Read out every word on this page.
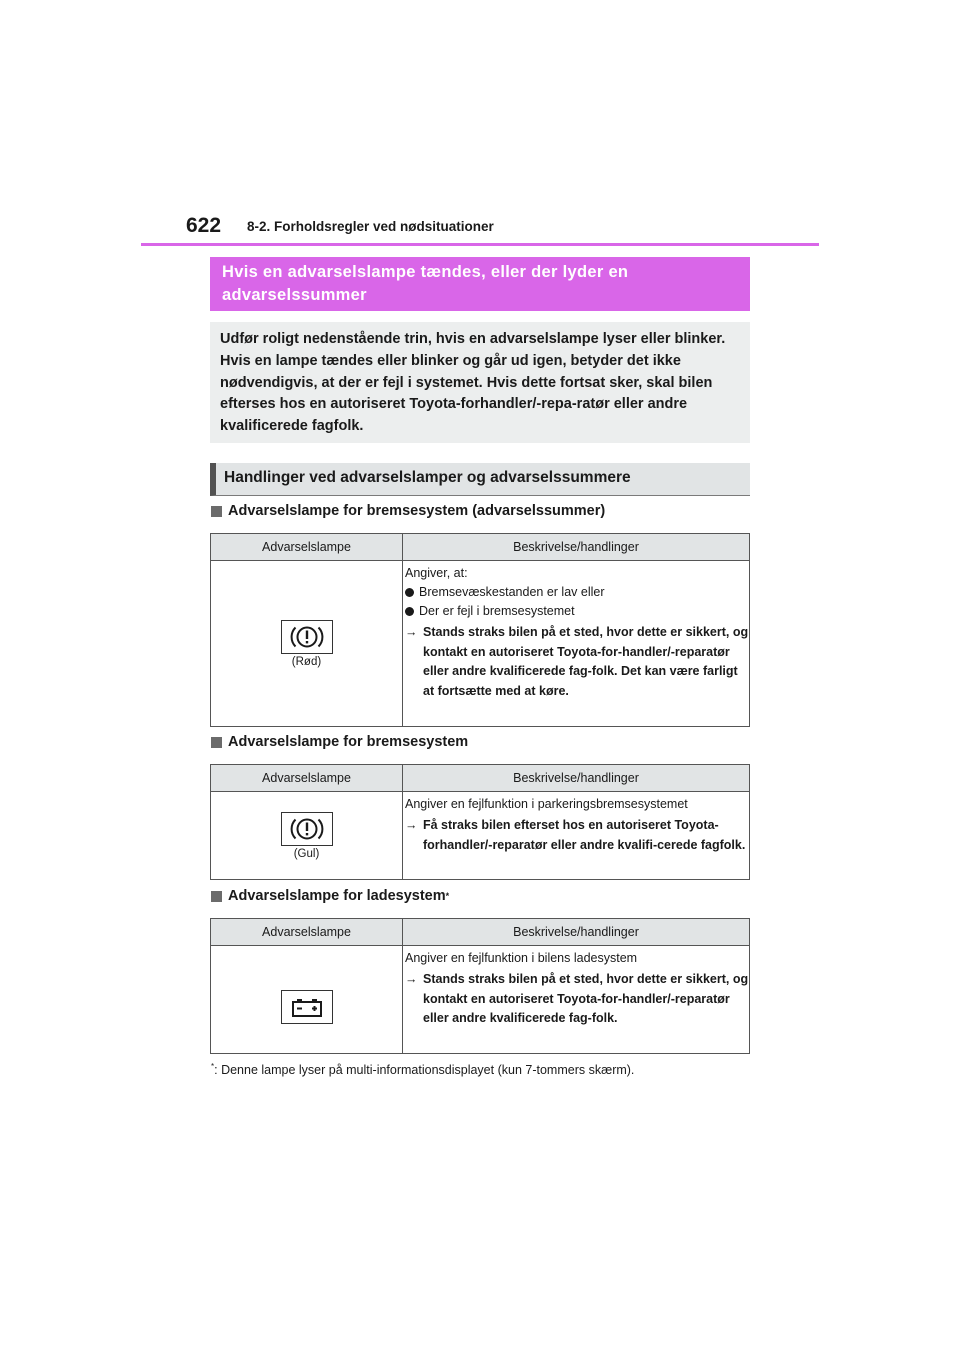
622 8-2. Forholdsregler ved nødsituationer
Hvis en advarselslampe tændes, eller der lyder en advarselssummer
Udfør roligt nedenstående trin, hvis en advarselslampe lyser eller blinker. Hvis en lampe tændes eller blinker og går ud igen, betyder det ikke nødvendigvis, at der er fejl i systemet. Hvis dette fortsat sker, skal bilen efterses hos en autoriseret Toyota-forhandler/-repa-ratør eller andre kvalificerede fagfolk.
Handlinger ved advarselslamper og advarselssummere
Advarselslampe for bremsesystem (advarselssummer)
Advarselslampe	Beskrivelse/handlinger

(Rød)	Angiver, at:
Bremsevæskestanden er lav eller
Der er fejl i bremsesystemet
→ Stands straks bilen på et sted, hvor dette er sikkert, og kontakt en autoriseret Toyota-for-handler/-reparatør eller andre kvalificerede fag-folk. Det kan være farligt at fortsætte med at køre.
Advarselslampe for bremsesystem
Advarselslampe	Beskrivelse/handlinger

(Gul)	Angiver en fejlfunktion i parkeringsbremsesystemet
→ Få straks bilen efterset hos en autoriseret Toyota-forhandler/-reparatør eller andre kvalifi-cerede fagfolk.
Advarselslampe for ladesystem *
Advarselslampe	Beskrivelse/handlinger

Angiver en fejlfunktion i bilens ladesystem
→ Stands straks bilen på et sted, hvor dette er sikkert, og kontakt en autoriseret Toyota-for-handler/-reparatør eller andre kvalificerede fag-folk.
*: Denne lampe lyser på multi-informationsdisplayet (kun 7-tommers skærm).
